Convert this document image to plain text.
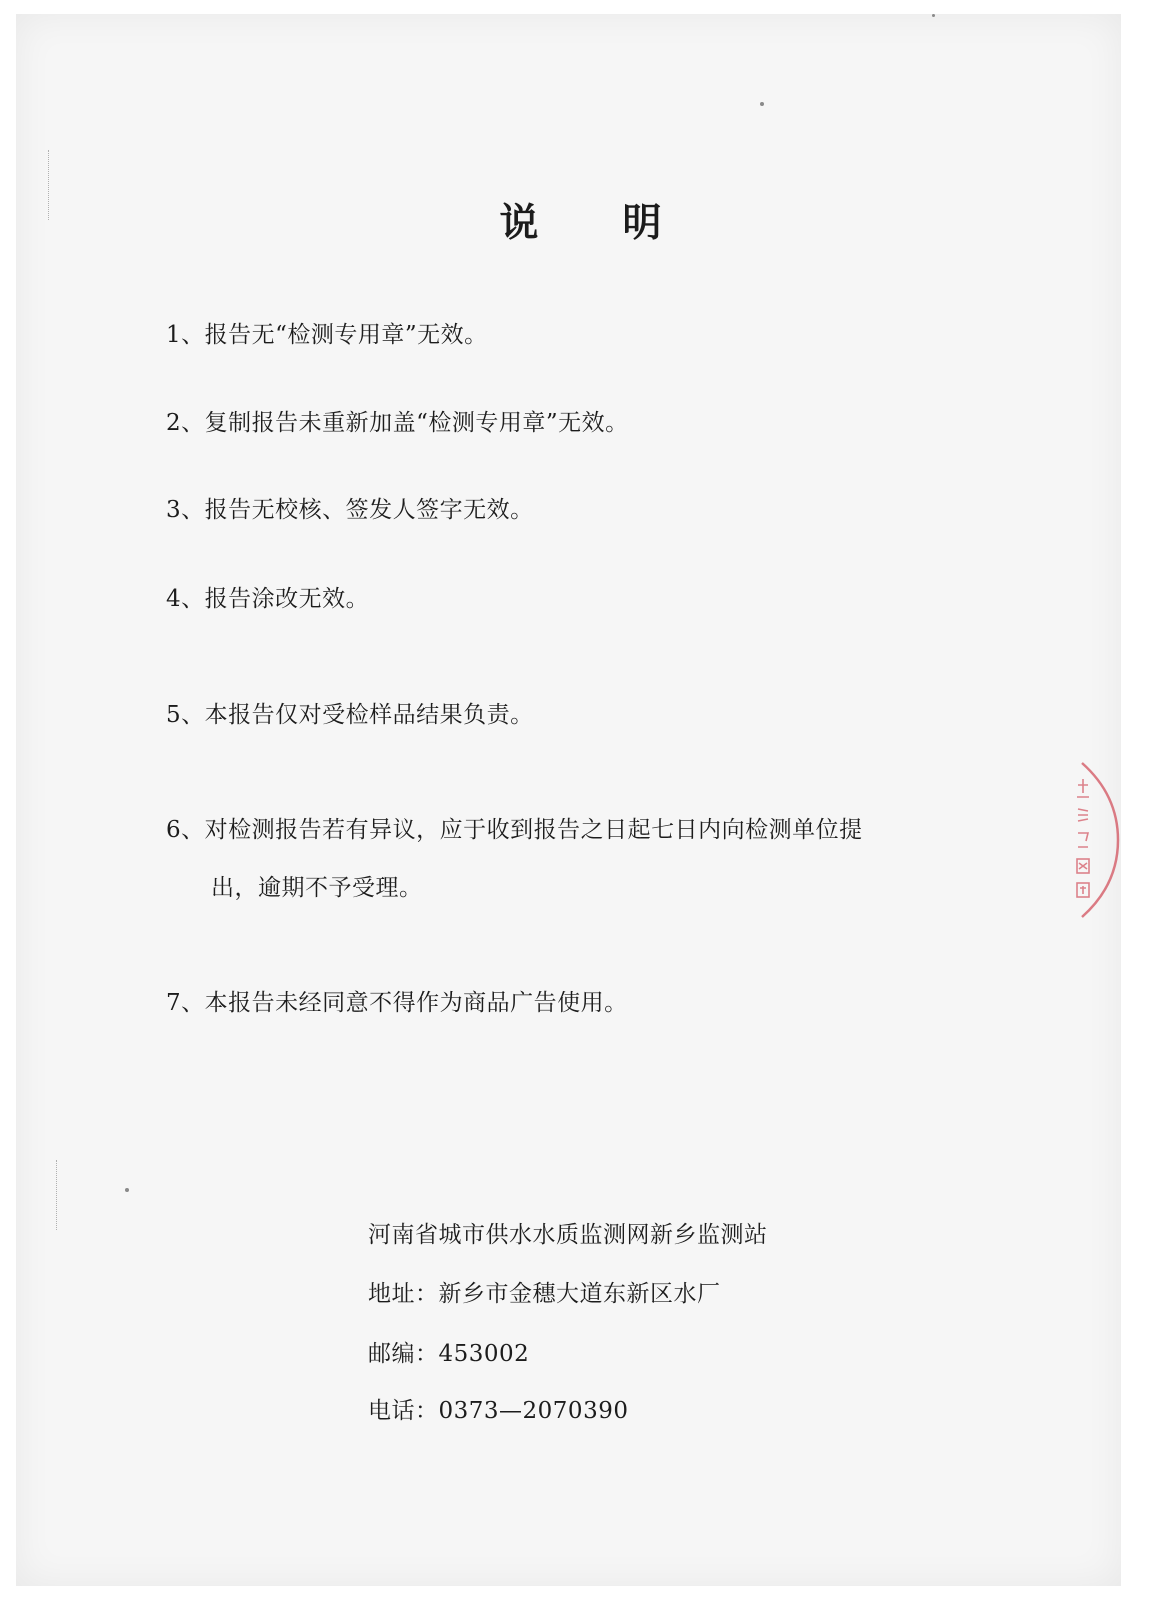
说 明
1、报告无“检测专用章”无效。
2、复制报告未重新加盖“检测专用章”无效。
3、报告无校核、签发人签字无效。
4、报告涂改无效。
5、本报告仅对受检样品结果负责。
6、对检测报告若有异议，应于收到报告之日起七日内向检测单位提
出，逾期不予受理。
7、本报告未经同意不得作为商品广告使用。
河南省城市供水水质监测网新乡监测站
地址：新乡市金穗大道东新区水厂
邮编：453002
电话：0373—2070390
